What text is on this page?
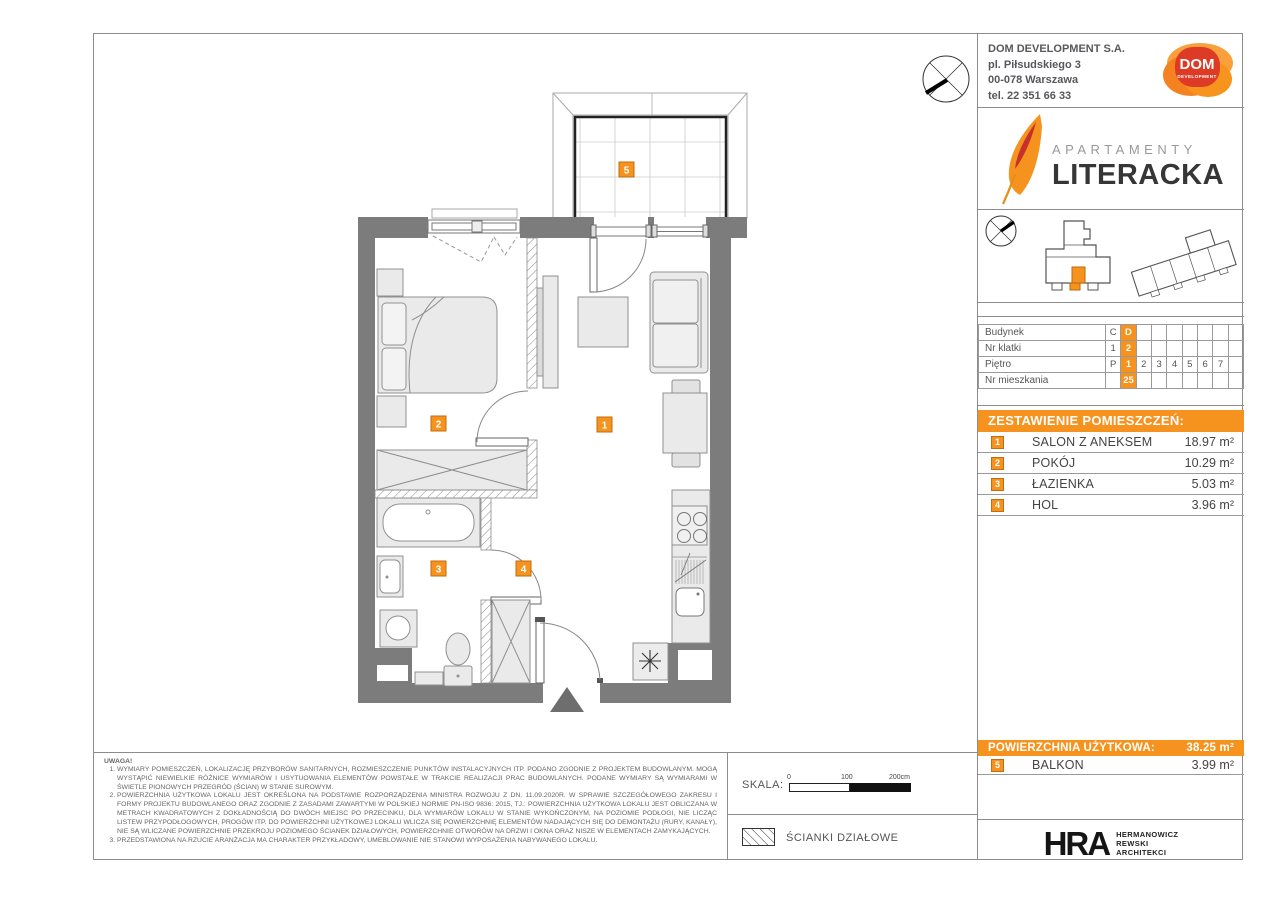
1
2
3	4
5
DOM DEVELOPMENT S.A.
pl. Piłsudskiego 3
00-078 Warszawa
tel. 22 351 66 33
DOM
DEVELOPMENT
APARTAMENTY
LITERACKA
Budynek	C	D							
Nr klatki	1	2							
Piętro	P	1	2	3	4	5	6	7	
Nr mieszkania		25							
ZESTAWIENIE POMIESZCZEŃ:
1	SALON Z ANEKSEM	18.97 m²
2	POKÓJ	10.29 m²
3	ŁAZIENKA	5.03 m²
4	HOL	3.96 m²
POWIERZCHNIA UŻYTKOWA:	38.25 m²
5	BALKON	3.99 m²
HRA HERMANOWICZ
REWSKI
ARCHITEKCI

UWAGA!

1. WYMIARY POMIESZCZEŃ, LOKALIZACJĘ PRZYBORÓW SANITARNYCH, ROZMIESZCZENIE PUNKTÓW INSTALACYJNYCH ITP. PODANO ZGODNIE Z PROJEKTEM BUDOWLANYM. MOGĄ WYSTĄPIĆ NIEWIELKIE RÓŻNICE WYMIARÓW I USYTUOWANIA ELEMENTÓW POWSTAŁE W TRAKCIE REALIZACJI PRAC BUDOWLANYCH. PODANE WYMIARY SĄ WYMIARAMI W ŚWIETLE PIONOWYCH PRZEGRÓD (ŚCIAN) W STANIE SUROWYM.
2. POWIERZCHNIA UŻYTKOWA LOKALU JEST OKREŚLONA NA PODSTAWIE ROZPORZĄDZENIA MINISTRA ROZWOJU Z DN. 11.09.2020R. W SPRAWIE SZCZEGÓŁOWEGO ZAKRESU I FORMY PROJEKTU BUDOWLANEGO ORAZ ZGODNIE Z ZASADAMI ZAWARTYMI W POLSKIEJ NORMIE PN-ISO 9836: 2015, TJ.: POWIERZCHNIA UŻYTKOWA LOKALU JEST OBLICZANA W METRACH KWADRATOWYCH Z DOKŁADNOŚCIĄ DO DWÓCH MIEJSC PO PRZECINKU, DLA WYMIARÓW LOKALU W STANIE WYKOŃCZONYM, NA POZIOMIE PODŁOGI, NIE LICZĄC LISTEW PRZYPODŁOGOWYCH, PROGÓW ITP. DO POWIERZCHNI UŻYTKOWEJ LOKALU WLICZA SIĘ POWIERZCHNIĘ ELEMENTÓW NADAJĄCYCH SIĘ DO DEMONTAŻU (RURY, KANAŁY), NIE SĄ WLICZANE POWIERZCHNIE PRZEKROJU POZIOMEGO ŚCIANEK DZIAŁOWYCH, POWIERZCHNIE OTWORÓW NA DRZWI I OKNA ORAZ NISZE W ELEMENTACH ZAMYKAJĄCYCH.
3. PRZEDSTAWIONA NA RZUCIE ARANŻACJA MA CHARAKTER PRZYKŁADOWY, UMEBLOWANIE NIE STANOWI WYPOSAŻENIA NABYWANEGO LOKALU.
SKALA:
0	100	200cm
ŚCIANKI DZIAŁOWE
